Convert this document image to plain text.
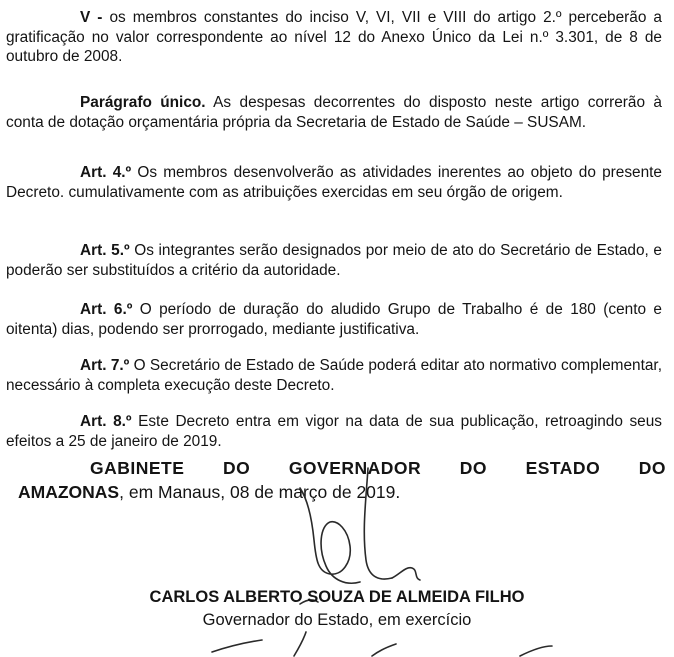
V - os membros constantes do inciso V, VI, VII e VIII do artigo 2.º perceberão a gratificação no valor correspondente ao nível 12 do Anexo Único da Lei n.º 3.301, de 8 de outubro de 2008.

Parágrafo único. As despesas decorrentes do disposto neste artigo correrão à conta de dotação orçamentária própria da Secretaria de Estado de Saúde – SUSAM.

Art. 4.º Os membros desenvolverão as atividades inerentes ao objeto do presente Decreto. cumulativamente com as atribuições exercidas em seu órgão de origem.

Art. 5.º Os integrantes serão designados por meio de ato do Secretário de Estado, e poderão ser substituídos a critério da autoridade.

Art. 6.º O período de duração do aludido Grupo de Trabalho é de 180 (cento e oitenta) dias, podendo ser prorrogado, mediante justificativa.

Art. 7.º O Secretário de Estado de Saúde poderá editar ato normativo complementar, necessário à completa execução deste Decreto.

Art. 8.º Este Decreto entra em vigor na data de sua publicação, retroagindo seus efeitos a 25 de janeiro de 2019.

GABINETE DO GOVERNADOR DO ESTADO DO
AMAZONAS, em Manaus, 08 de março de 2019.

CARLOS ALBERTO SOUZA DE ALMEIDA FILHO

Governador do Estado, em exercício
